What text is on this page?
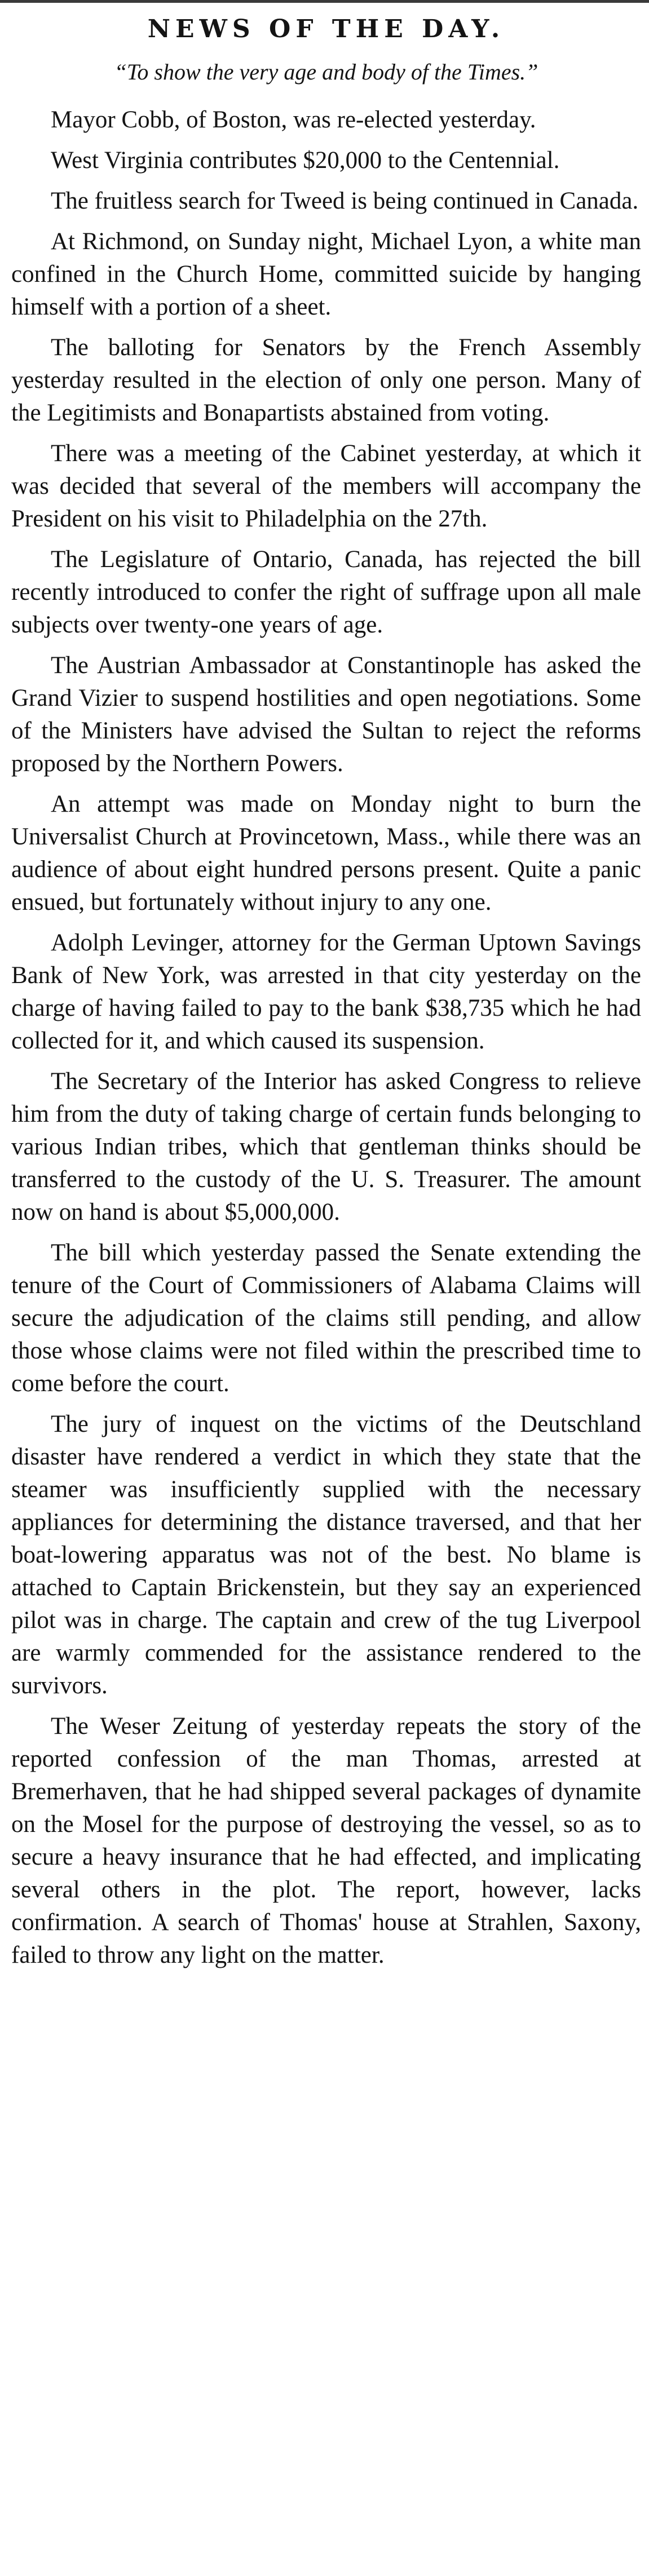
NEWS OF THE DAY.
“To show the very age and body of the Times.”

Mayor Cobb, of Boston, was re-elected yesterday.

West Virginia contributes $20,000 to the Centennial.

The fruitless search for Tweed is being continued in Canada.

At Richmond, on Sunday night, Michael Lyon, a white man confined in the Church Home, committed suicide by hanging himself with a portion of a sheet.

The balloting for Senators by the French Assembly yesterday resulted in the election of only one person. Many of the Legitimists and Bonapartists abstained from voting.

There was a meeting of the Cabinet yesterday, at which it was decided that several of the members will accompany the President on his visit to Philadelphia on the 27th.

The Legislature of Ontario, Canada, has rejected the bill recently introduced to confer the right of suffrage upon all male subjects over twenty-one years of age.

The Austrian Ambassador at Constantinople has asked the Grand Vizier to suspend hostilities and open negotiations. Some of the Ministers have advised the Sultan to reject the reforms proposed by the Northern Powers.

An attempt was made on Monday night to burn the Universalist Church at Provincetown, Mass., while there was an audience of about eight hundred persons present. Quite a panic ensued, but fortunately without injury to any one.

Adolph Levinger, attorney for the German Uptown Savings Bank of New York, was arrested in that city yesterday on the charge of having failed to pay to the bank $38,735 which he had collected for it, and which caused its suspension.

The Secretary of the Interior has asked Congress to relieve him from the duty of taking charge of certain funds belonging to various Indian tribes, which that gentleman thinks should be transferred to the custody of the U. S. Treasurer. The amount now on hand is about $5,000,000.

The bill which yesterday passed the Senate extending the tenure of the Court of Commissioners of Alabama Claims will secure the adjudication of the claims still pending, and allow those whose claims were not filed within the prescribed time to come before the court.

The jury of inquest on the victims of the Deutschland disaster have rendered a verdict in which they state that the steamer was insufficiently supplied with the necessary appliances for determining the distance traversed, and that her boat-lowering apparatus was not of the best. No blame is attached to Captain Brickenstein, but they say an experienced pilot was in charge. The captain and crew of the tug Liverpool are warmly commended for the assistance rendered to the survivors.

The Weser Zeitung of yesterday repeats the story of the reported confession of the man Thomas, arrested at Bremerhaven, that he had shipped several packages of dynamite on the Mosel for the purpose of destroying the vessel, so as to secure a heavy insurance that he had effected, and implicating several others in the plot. The report, however, lacks confirmation. A search of Thomas' house at Strahlen, Saxony, failed to throw any light on the matter.
